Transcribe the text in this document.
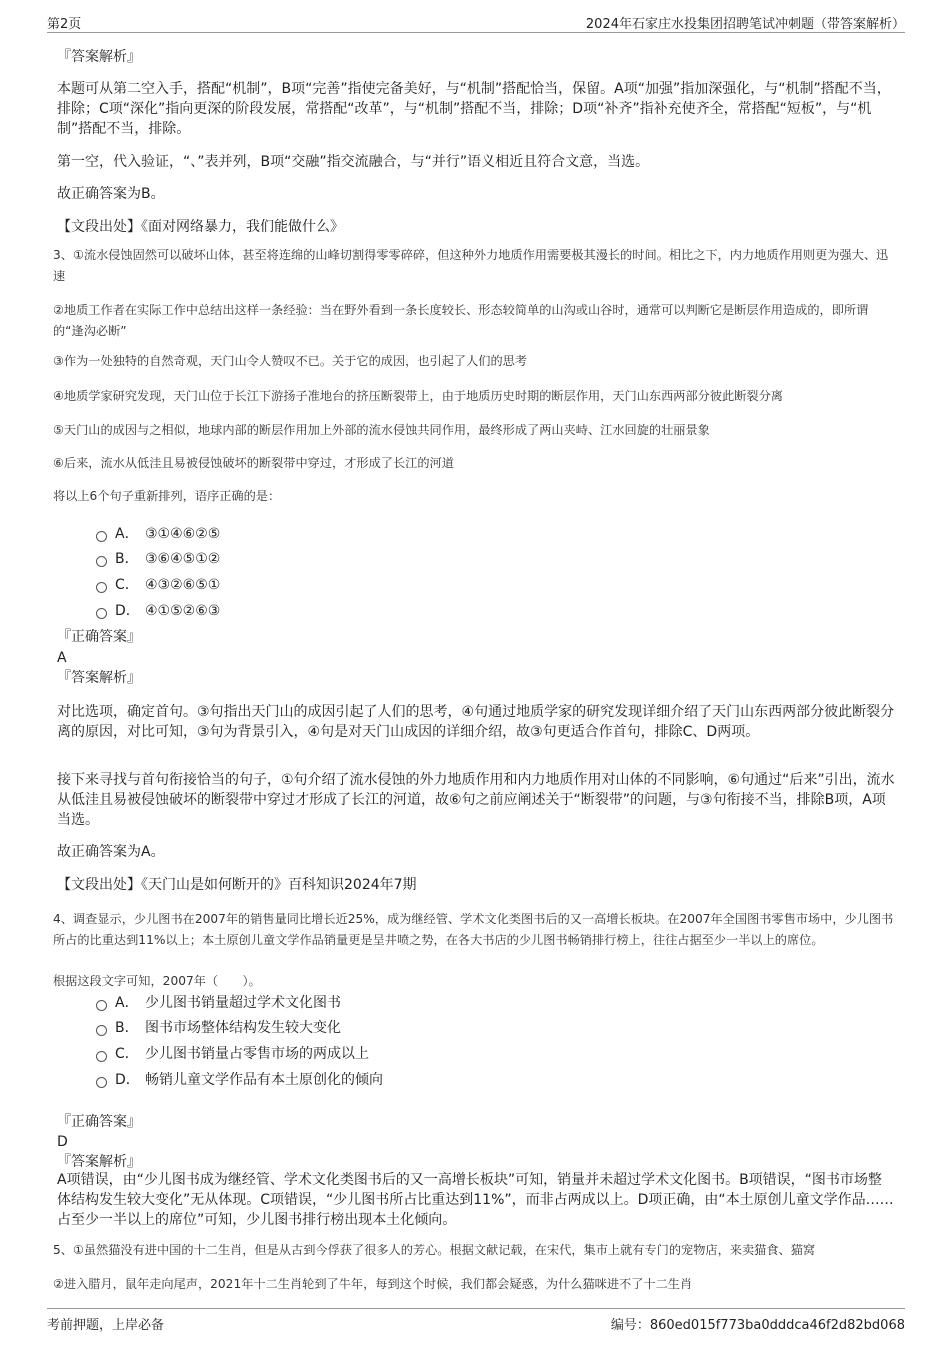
第2页	2024年石家庄水投集团招聘笔试冲刺题（带答案解析）
『答案解析』
本题可从第二空入手，搭配“机制”，B项“完善”指使完备美好，与“机制”搭配恰当，保留。A项“加强”指加深强化，与“机制”搭配不当，排除；C项“深化”指向更深的阶段发展，常搭配“改革”，与“机制”搭配不当，排除；D项“补齐”指补充使齐全，常搭配“短板”，与“机制”搭配不当，排除。
第一空，代入验证，“、”表并列，B项“交融”指交流融合，与“并行”语义相近且符合文意，当选。
故正确答案为B。
【文段出处】《面对网络暴力，我们能做什么》
3、①流水侵蚀固然可以破坏山体，甚至将连绵的山峰切割得零零碎碎，但这种外力地质作用需要极其漫长的时间。相比之下，内力地质作用则更为强大、迅速
②地质工作者在实际工作中总结出这样一条经验：当在野外看到一条长度较长、形态较简单的山沟或山谷时，通常可以判断它是断层作用造成的，即所谓的“逢沟必断”
③作为一处独特的自然奇观，天门山令人赞叹不已。关于它的成因，也引起了人们的思考
④地质学家研究发现，天门山位于长江下游扬子准地台的挤压断裂带上，由于地质历史时期的断层作用，天门山东西两部分彼此断裂分离
⑤天门山的成因与之相似，地球内部的断层作用加上外部的流水侵蚀共同作用，最终形成了两山夹峙、江水回旋的壮丽景象
⑥后来，流水从低洼且易被侵蚀破坏的断裂带中穿过，才形成了长江的河道
将以上6个句子重新排列，语序正确的是：
A． ③①④⑥②⑤
B． ③⑥④⑤①②
C． ④③②⑥⑤①
D． ④①⑤②⑥③
『正确答案』
A
『答案解析』
对比选项，确定首句。③句指出天门山的成因引起了人们的思考，④句通过地质学家的研究发现详细介绍了天门山东西两部分彼此断裂分离的原因，对比可知，③句为背景引入，④句是对天门山成因的详细介绍，故③句更适合作首句，排除C、D两项。
接下来寻找与首句衔接恰当的句子，①句介绍了流水侵蚀的外力地质作用和内力地质作用对山体的不同影响，⑥句通过“后来”引出，流水从低洼且易被侵蚀破坏的断裂带中穿过才形成了长江的河道，故⑥句之前应阐述关于“断裂带”的问题，与③句衔接不当，排除B项，A项当选。
故正确答案为A。
【文段出处】《天门山是如何断开的》百科知识2024年7期
4、调查显示，少儿图书在2007年的销售量同比增长近25%，成为继经管、学术文化类图书后的又一高增长板块。在2007年全国图书零售市场中，少儿图书所占的比重达到11%以上；本土原创儿童文学作品销量更是呈井喷之势，在各大书店的少儿图书畅销排行榜上，往往占据至少一半以上的席位。
根据这段文字可知，2007年（　　）。
A． 少儿图书销量超过学术文化图书
B． 图书市场整体结构发生较大变化
C． 少儿图书销量占零售市场的两成以上
D． 畅销儿童文学作品有本土原创化的倾向
『正确答案』
D
『答案解析』
A项错误，由“少儿图书成为继经管、学术文化类图书后的又一高增长板块”可知，销量并未超过学术文化图书。B项错误，“图书市场整体结构发生较大变化”无从体现。C项错误，“少儿图书所占比重达到11%”，而非占两成以上。D项正确，由“本土原创儿童文学作品……占至少一半以上的席位”可知，少儿图书排行榜出现本土化倾向。
5、①虽然猫没有进中国的十二生肖，但是从古到今俘获了很多人的芳心。根据文献记载，在宋代，集市上就有专门的宠物店，来卖猫食、猫窝
②进入腊月，鼠年走向尾声，2021年十二生肖轮到了牛年，每到这个时候，我们都会疑惑，为什么猫咪进不了十二生肖
考前押题，上岸必备	编号：860ed015f773ba0dddca46f2d82bd068
